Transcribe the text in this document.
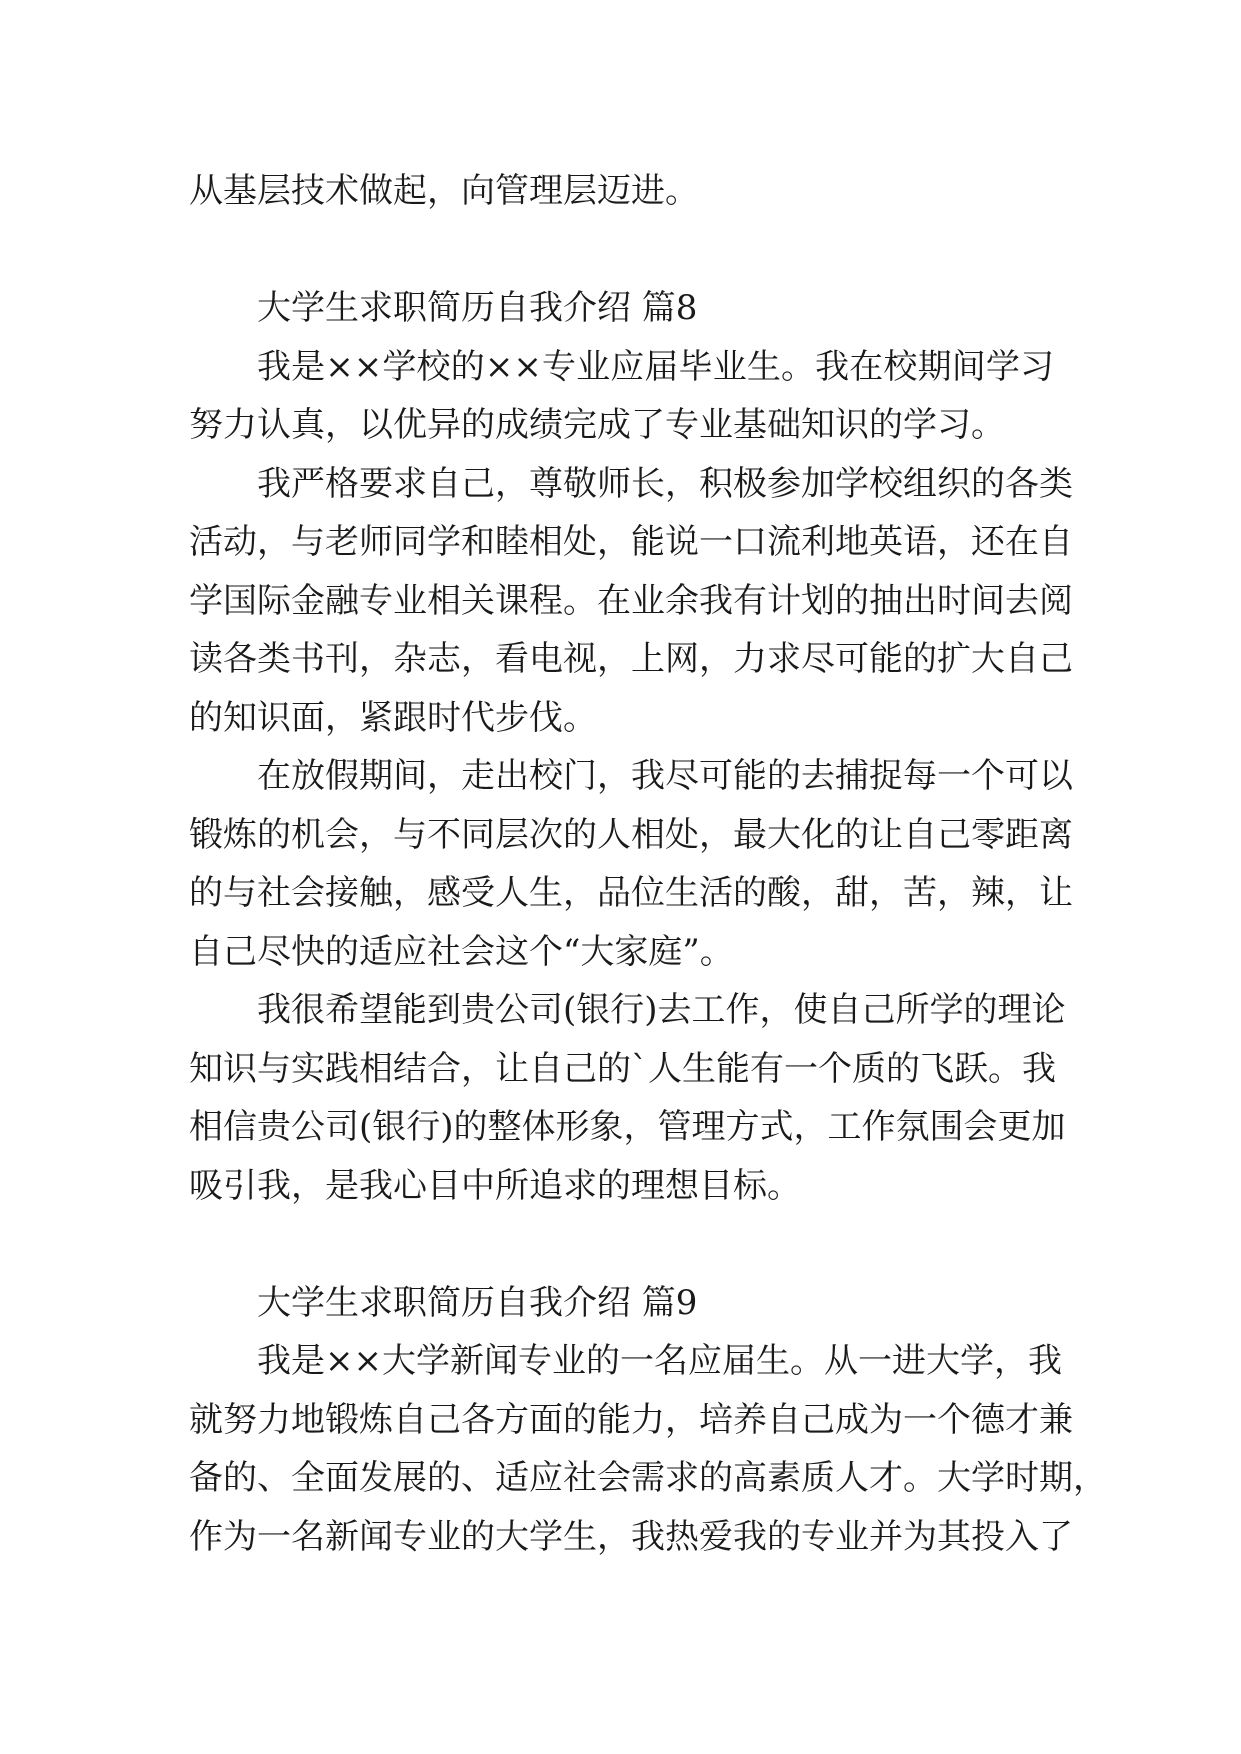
从基层技术做起，向管理层迈进。
大学生求职简历自我介绍 篇8
我是××学校的××专业应届毕业生。我在校期间学习
努力认真，以优异的成绩完成了专业基础知识的学习。
我严格要求自己，尊敬师长，积极参加学校组织的各类
活动，与老师同学和睦相处，能说一口流利地英语，还在自
学国际金融专业相关课程。在业余我有计划的抽出时间去阅
读各类书刊，杂志，看电视，上网，力求尽可能的扩大自己
的知识面，紧跟时代步伐。
在放假期间，走出校门，我尽可能的去捕捉每一个可以
锻炼的机会，与不同层次的人相处，最大化的让自己零距离
的与社会接触，感受人生，品位生活的酸，甜，苦，辣，让
自己尽快的适应社会这个“大家庭”。
我很希望能到贵公司(银行)去工作，使自己所学的理论
知识与实践相结合，让自己的`人生能有一个质的飞跃。我
相信贵公司(银行)的整体形象，管理方式，工作氛围会更加
吸引我，是我心目中所追求的理想目标。
大学生求职简历自我介绍 篇9
我是××大学新闻专业的一名应届生。从一进大学，我
就努力地锻炼自己各方面的能力，培养自己成为一个德才兼
备的、全面发展的、适应社会需求的高素质人才。大学时期，
作为一名新闻专业的大学生，我热爱我的专业并为其投入了
